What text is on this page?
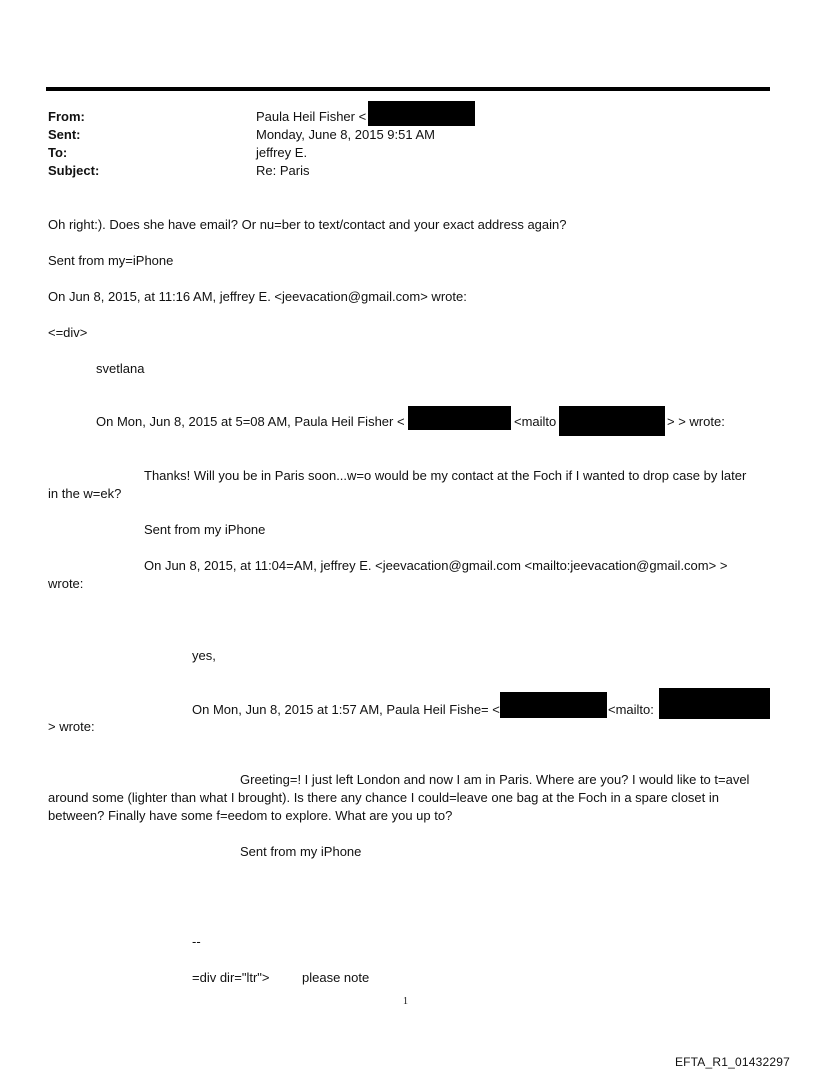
From:	Paula Heil Fisher <
Sent:	Monday, June 8, 2015 9:51 AM
To:	jeffrey E.
Subject:	Re: Paris
Oh right:). Does she have email? Or nu=ber to text/contact and your exact address again?
Sent from my=iPhone
On Jun 8, 2015, at 11:16 AM, jeffrey E. <jeevacation@gmail.com> wrote:
<=div>
svetlana
On Mon, Jun 8, 2015 at 5=08 AM, Paula Heil Fisher <	<mailto	> > wrote:
Thanks! Will you be in Paris soon...w=o would be my contact at the Foch if I wanted to drop case by later
in the w=ek?
Sent from my iPhone
On Jun 8, 2015, at 11:04=AM, jeffrey E. <jeevacation@gmail.com <mailto:jeevacation@gmail.com> >
wrote:
yes,
On Mon, Jun 8, 2015 at 1:57 AM, Paula Heil Fishe= <	<mailto:
> wrote:
Greeting=! I just left London and now I am in Paris. Where are you? I would like to t=avel
around some (lighter than what I brought). Is there any chance I could=leave one bag at the Foch in a spare closet in
between? Finally have some f=eedom to explore. What are you up to?
Sent from my iPhone
--
=div dir="ltr"> please note
1
EFTA_R1_01432297
